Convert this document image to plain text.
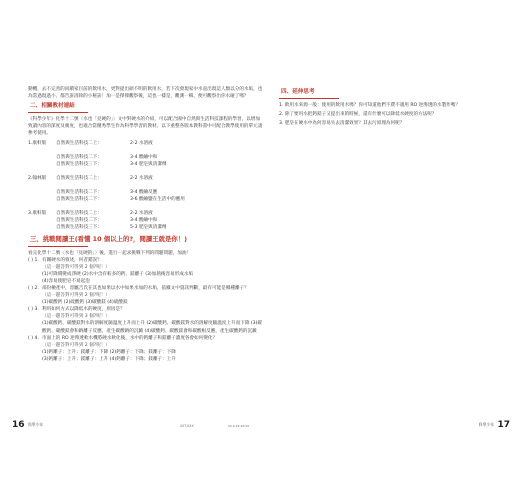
動機，去不完善的回饋家目前的飲用水，更對提出碩不明的飲用水，若下次發現家中水壺出現這人類以分的水垢，也為當過現過小，都告訴清除的小秘訣！加一是擇擇觀察後，這也一樣是，觀測一輯，便可觀察出你水碰了嗎？

二、相關教材連結

《科學少年》化學十二號〈水也「見硬的」〉文中對硬水的介紹，可以配合國中自然與生活科技課程的學習，以增加致讀內容的深度及廣度，也適合當優秀學生作為科學學習的教材。以下重整各版本教科書中可配合教學使用的單元請參考使用。

1.康軒版	自然與生活科技二上：	2-2 水溶液
自然與生活科技二下：	3-4 酸鹼中和
自然與生活科技三下：	3-4 肥皂與清潔劑
2.翰林版	自然與生活科技二上：	2-2 水溶液
自然與生活科技二下：	3-4 酸鹼反應
自然與生活科技二下：	3-6 酸鹼鹽在生活中的應用
3.康軒版	自然與生活科技二上：	2-2 水溶液
自然與生活科技二下：	3-4 酸鹼中和
自然與生活科技三下：	5-3 肥皂與清潔劑
三、挑戰閱讀王(看懂 10 個以上的?，閱讀王就是你！)

看完化學十二號〈水也「見硬的」〉後，進行一起求挑戰下列的問題問題，加油！

( ) 1. 有關硬水的敘述，何者錯誤？
（這一題答對可得到 2 個?呢！）
(1)可降價變成淨硬 (2)水中含有較多的鈣、鎂離子 (3)加熱後容易形成水垢
(4)容易使肥皂不易起泡
( ) 2. 部份檢產中，容屬吉氏在其也如果以水中如果水加的水垢，依據文中資訊判斷，最有可能是哪種離子？
（這一題答對可得到 2 個?呢！）
(1)碳酸鈣 (2)硫酸鈣 (3)碳酸鎂 (4)硫酸鎂
( ) 3. 利用如何方式以降低水的硬度，原因是？
（這一題答對可得到 3 個?呢！）
(1)碳酸鈣、碳酸鎂對水的溶解度隨溫度上升而上升 (2)碳酸鈣、碳酸鎂對水的溶解度隨溫度上升而下降 (3)碳酸鈣、碳酸鎂會和鈉離子反應，產生碳酸鈉的沉澱 (4)碳酸鈣、碳酸鎂會和碳酸根反應，產生碳酸鈣的沉澱
( ) 4. 市面上的 RO 逆滲透軟水機將硬水軟化後，水中的鈣離子和鎂離子濃度各會如何變化？
（這一題答對可得到 2 個?呢！）
(1)鈣離子：上升；鎂離子：下降 (2)鈣離子：下降；鎂離子：下降
(3)鈣離子：上升；鎂離子：上升 (4)鈣離子：下降；鎂離子：上升
四、延伸思考
1. 飲用水來源一般：使用的飲用水嗎？你可知道他們不費不適用 RO 逆滲透的水製作嗎？
2. 除了要用水把鈣鎂子又提出來的時候，還有什麼可以降低水硬度的方法呢？
3. 肥皂在硬水中為何容易失去清潔效果？其去污原理為何呢？
16 科學少年	XXT-XXX	xx.x.xx xx:xx	科學少年 17
